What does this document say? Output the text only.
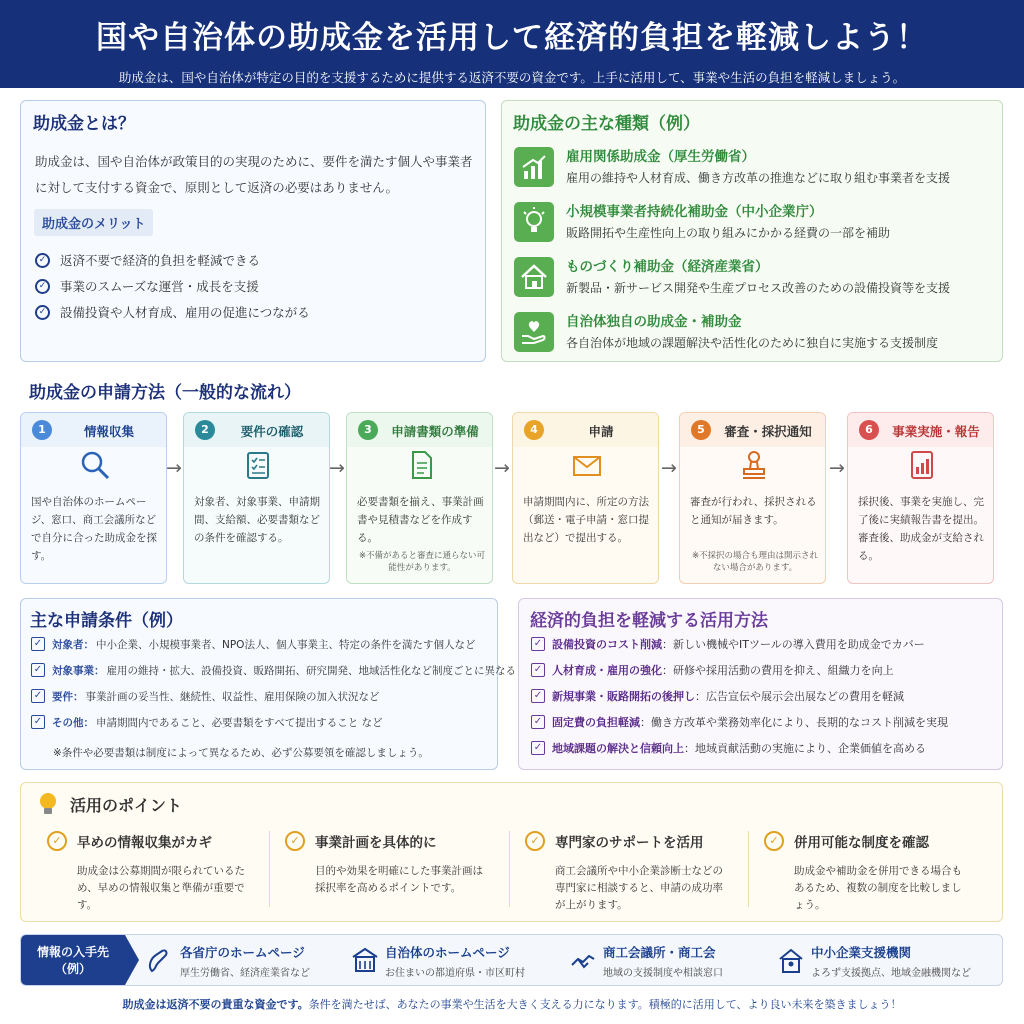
国や自治体の助成金を活用して経済的負担を軽減しよう！

助成金は、国や自治体が特定の目的を支援するために提供する返済不要の資金です。上手に活用して、事業や生活の負担を軽減しましょう。

助成金とは？
助成金は、国や自治体が政策目的の実現のために、要件を満たす個人や事業者に対して支付する資金で、原則として返済の必要はありません。
助成金のメリット
✓ 返済不要で経済的負担を軽減できる
✓ 事業のスムーズな運営・成長を支援
✓ 設備投資や人材育成、雇用の促進につながる
助成金の主な種類（例）
雇用関係助成金（厚生労働省）
雇用の維持や人材育成、働き方改革の推進などに取り組む事業者を支援
小規模事業者持続化補助金（中小企業庁）
販路開拓や生産性向上の取り組みにかかる経費の一部を補助
ものづくり補助金（経済産業省）
新製品・新サービス開発や生産プロセス改善のための設備投資等を支援
自治体独自の助成金・補助金
各自治体が地域の課題解決や活性化のために独自に実施する支援制度
助成金の申請方法（一般的な流れ）
1	情報収集
国や自治体のホームページ、窓口、商工会議所などで自分に合った助成金を探す。
→
2	要件の確認
対象者、対象事業、申請期間、支給額、必要書類などの条件を確認する。
→
3	申請書類の準備
必要書類を揃え、事業計画書や見積書などを作成する。
※不備があると審査に通らない可能性があります。
→
4	申請
申請期間内に、所定の方法（郵送・電子申請・窓口提出など）で提出する。
→
5	審査・採択通知
審査が行われ、採択されると通知が届きます。
※不採択の場合も理由は開示されない場合があります。
→
6	事業実施・報告
採択後、事業を実施し、完了後に実績報告書を提出。審査後、助成金が支給される。
主な申請条件（例）
✓ 対象者： 中小企業、小規模事業者、NPO法人、個人事業主、特定の条件を満たす個人など
✓ 対象事業： 雇用の維持・拡大、設備投資、販路開拓、研究開発、地域活性化など制度ごとに異なる
✓ 要件： 事業計画の妥当性、継続性、収益性、雇用保険の加入状況など
✓ その他： 申請期間内であること、必要書類をすべて提出すること など
※条件や必要書類は制度によって異なるため、必ず公募要領を確認しましょう。
経済的負担を軽減する活用方法
✓ 設備投資のコスト削減 ：新しい機械やITツールの導入費用を助成金でカバー
✓ 人材育成・雇用の強化 ：研修や採用活動の費用を抑え、組織力を向上
✓ 新規事業・販路開拓の後押し ：広告宣伝や展示会出展などの費用を軽減
✓ 固定費の負担軽減 ：働き方改革や業務効率化により、長期的なコスト削減を実現
✓ 地域課題の解決と信頼向上 ：地域貢献活動の実施により、企業価値を高める
活用のポイント
✓	早めの情報収集がカギ
助成金は公募期間が限られているため、早めの情報収集と準備が重要です。
✓	事業計画を具体的に
目的や効果を明確にした事業計画は採択率を高めるポイントです。
✓	専門家のサポートを活用
商工会議所や中小企業診断士などの専門家に相談すると、申請の成功率が上がります。
✓	併用可能な制度を確認
助成金や補助金を併用できる場合もあるため、複数の制度を比較しましょう。
情報の入手先
（例）
各省庁のホームページ
厚生労働省、経済産業省など
自治体のホームページ
お住まいの都道府県・市区町村
商工会議所・商工会
地域の支援制度や相談窓口
中小企業支援機関
よろず支援拠点、地域金融機関など
助成金は返済不要の貴重な資金です。条件を満たせば、あなたの事業や生活を大きく支える力になります。積極的に活用して、より良い未来を築きましょう！
